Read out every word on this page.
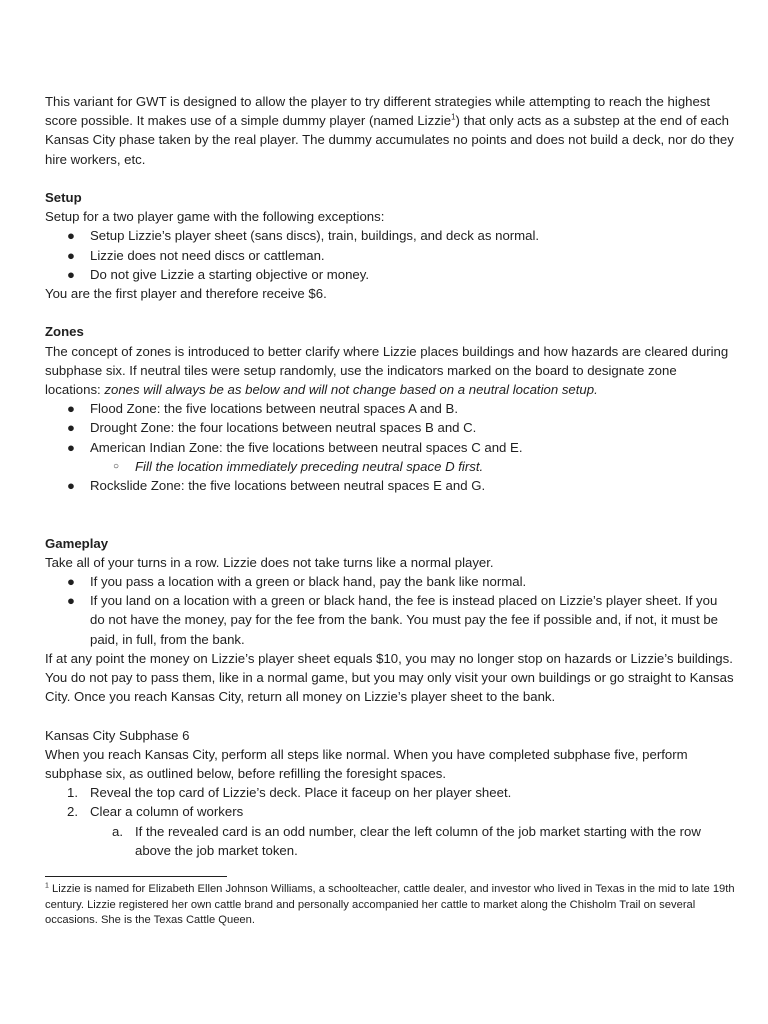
This variant for GWT is designed to allow the player to try different strategies while attempting to reach the highest score possible. It makes use of a simple dummy player (named Lizzie$^1$) that only acts as a substep at the end of each Kansas City phase taken by the real player. The dummy accumulates no points and does not build a deck, nor do they hire workers, etc.

Setup

Setup for a two player game with the following exceptions:

● Setup Lizzie’s player sheet (sans discs), train, buildings, and deck as normal.
● Lizzie does not need discs or cattleman.
● Do not give Lizzie a starting objective or money.

You are the first player and therefore receive $6.

Zones

The concept of zones is introduced to better clarify where Lizzie places buildings and how hazards are cleared during subphase six. If neutral tiles were setup randomly, use the indicators marked on the board to designate zone locations: zones will always be as below and will not change based on a neutral location setup.

● Flood Zone: the five locations between neutral spaces A and B.
● Drought Zone: the four locations between neutral spaces B and C.
● American Indian Zone: the five locations between neutral spaces C and E.
○ Fill the location immediately preceding neutral space D first.
● Rockslide Zone: the five locations between neutral spaces E and G.
Gameplay

Take all of your turns in a row. Lizzie does not take turns like a normal player.

● If you pass a location with a green or black hand, pay the bank like normal.
● If you land on a location with a green or black hand, the fee is instead placed on Lizzie’s player sheet. If you do not have the money, pay for the fee from the bank. You must pay the fee if possible and, if not, it must be paid, in full, from the bank.

If at any point the money on Lizzie’s player sheet equals $10, you may no longer stop on hazards or Lizzie’s buildings. You do not pay to pass them, like in a normal game, but you may only visit your own buildings or go straight to Kansas City. Once you reach Kansas City, return all money on Lizzie’s player sheet to the bank.

Kansas City Subphase 6

When you reach Kansas City, perform all steps like normal. When you have completed subphase five, perform subphase six, as outlined below, before refilling the foresight spaces.

1. Reveal the top card of Lizzie’s deck. Place it faceup on her player sheet.
2. Clear a column of workers
a. If the revealed card is an odd number, clear the left column of the job market starting with the row above the job market token.

$^1$ Lizzie is named for Elizabeth Ellen Johnson Williams, a schoolteacher, cattle dealer, and investor who lived in Texas in the mid to late 19th century. Lizzie registered her own cattle brand and personally accompanied her cattle to market along the Chisholm Trail on several occasions. She is the Texas Cattle Queen.
